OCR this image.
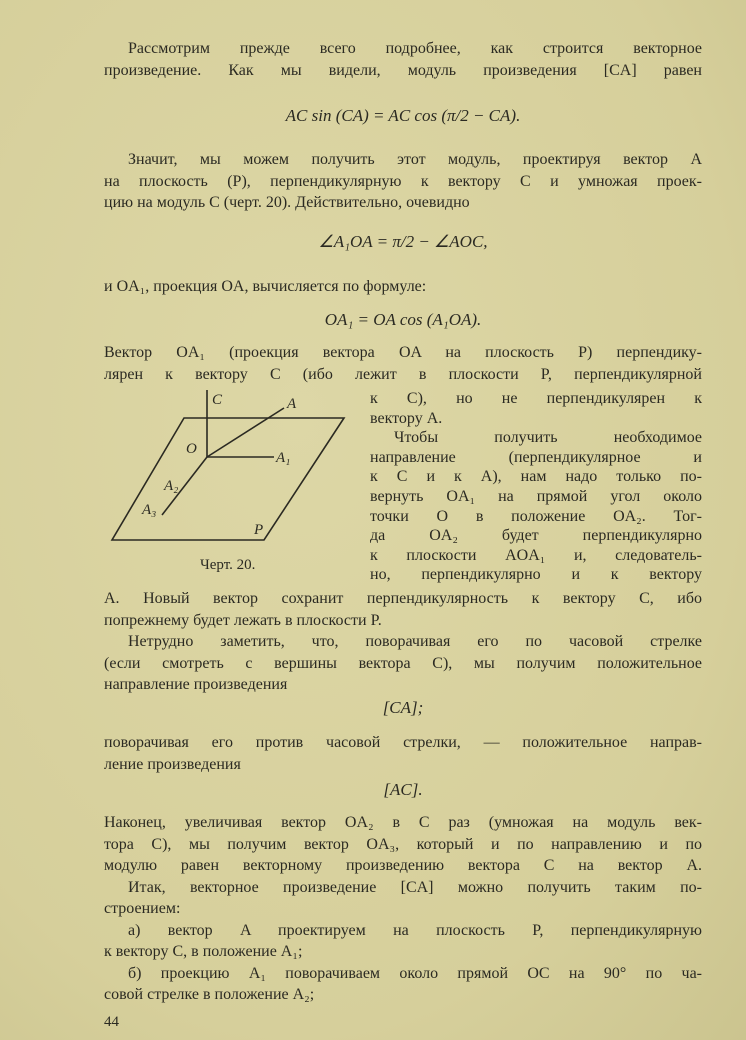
Рассмотрим прежде всего подробнее, как строится векторное
произведение. Как мы видели, модуль произведения [CA] равен
AC sin (CA) = AC cos (π/2 − CA).
Значит, мы можем получить этот модуль, проектируя вектор A
на плоскость (P), перпендикулярную к вектору C и умножая проек-
цию на модуль C (черт. 20). Действительно, очевидно
∠A₁OA = π/2 − ∠AOC,
и OA₁, проекция OA, вычисляется по формуле:
OA₁ = OA cos (A₁OA).
Вектор OA₁ (проекция вектора OA на плоскость P) перпендику-
лярен к вектору C (ибо лежит в плоскости P, перпендикулярной
к C), но не перпендикулярен к
вектору A.
Чтобы получить необходимое
направление (перпендикулярное и
к C и к A), нам надо только по-
вернуть OA₁ на прямой угол около
точки O в положение OA₂. Тог-
да OA₂ будет перпендикулярно
к плоскости AOA₁ и, следователь-
но, перпендикулярно и к вектору
C	A
O
A₁
A₂
A₃
P
Черт. 20.
A. Новый вектор сохранит перпендикулярность к вектору C, ибо
попрежнему будет лежать в плоскости P.
Нетрудно заметить, что, поворачивая его по часовой стрелке
(если смотреть с вершины вектора C), мы получим положительное
направление произведения
[CA];
поворачивая его против часовой стрелки, — положительное направ-
ление произведения
[AC].
Наконец, увеличивая вектор OA₂ в C раз (умножая на модуль век-
тора C), мы получим вектор OA₃, который и по направлению и по
модулю равен векторному произведению вектора C на вектор A.
Итак, векторное произведение [CA] можно получить таким по-
строением:
а) вектор A проектируем на плоскость P, перпендикулярную
к вектору C, в положение A₁;
б) проекцию A₁ поворачиваем около прямой OC на 90° по ча-
совой стрелке в положение A₂;
44
